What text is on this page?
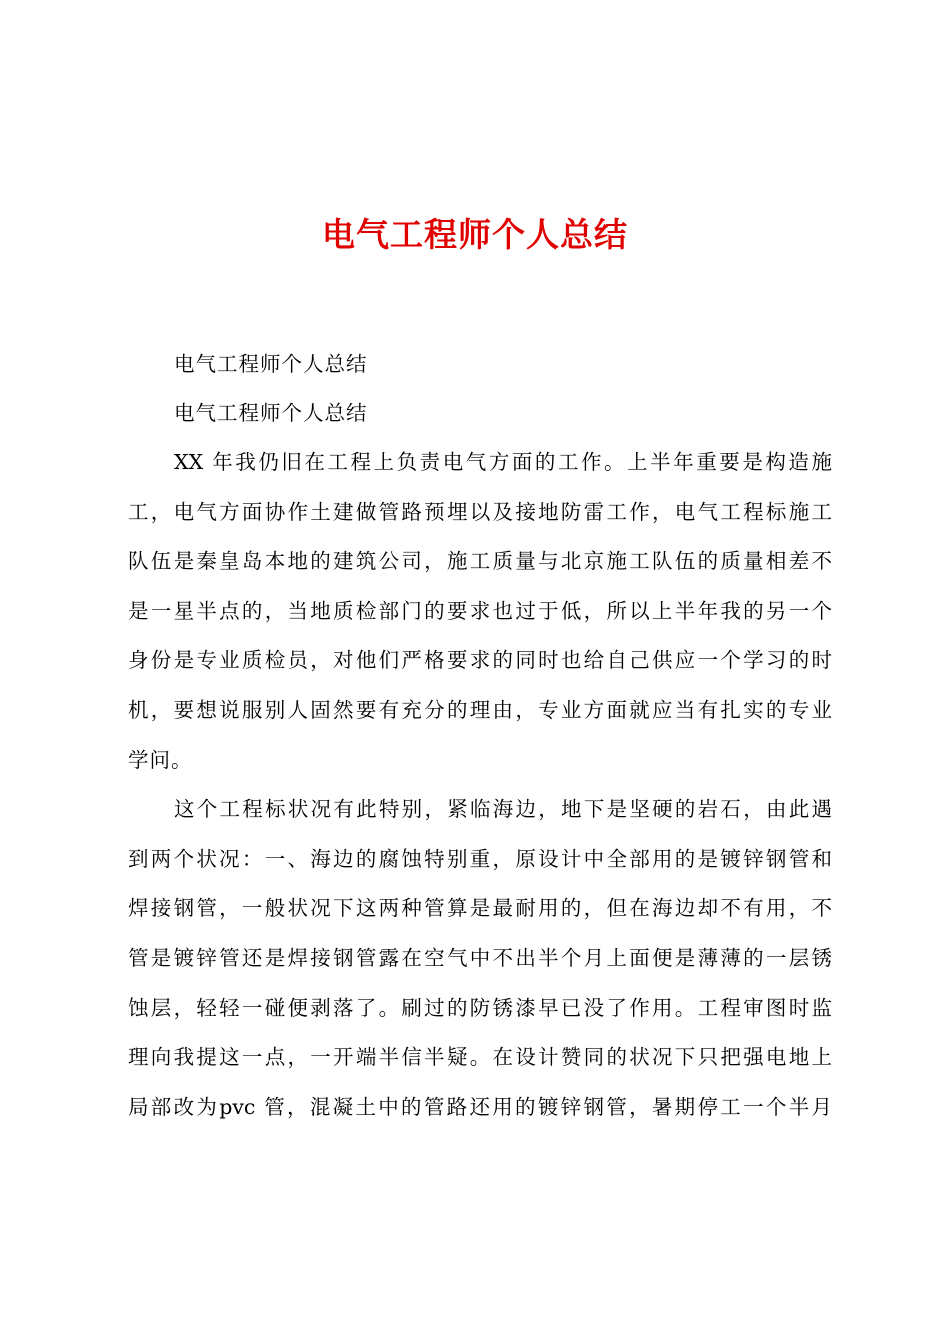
电气工程师个人总结

电气工程师个人总结

电气工程师个人总结

XX 年我仍旧在工程上负责电气方面的工作。上半年重要是构造施
工，电气方面协作土建做管路预埋以及接地防雷工作，电气工程标施工
队伍是秦皇岛本地的建筑公司，施工质量与北京施工队伍的质量相差不
是一星半点的，当地质检部门的要求也过于低，所以上半年我的另一个
身份是专业质检员，对他们严格要求的同时也给自己供应一个学习的时
机，要想说服别人固然要有充分的理由，专业方面就应当有扎实的专业
学问。

这个工程标状况有此特别，紧临海边，地下是坚硬的岩石，由此遇
到两个状况：一、海边的腐蚀特别重，原设计中全部用的是镀锌钢管和
焊接钢管，一般状况下这两种管算是最耐用的，但在海边却不有用，不
管是镀锌管还是焊接钢管露在空气中不出半个月上面便是薄薄的一层锈
蚀层，轻轻一碰便剥落了。刷过的防锈漆早已没了作用。工程审图时监
理向我提这一点，一开端半信半疑。在设计赞同的状况下只把强电地上
局部改为pvc 管，混凝土中的管路还用的镀锌钢管，暑期停工一个半月
